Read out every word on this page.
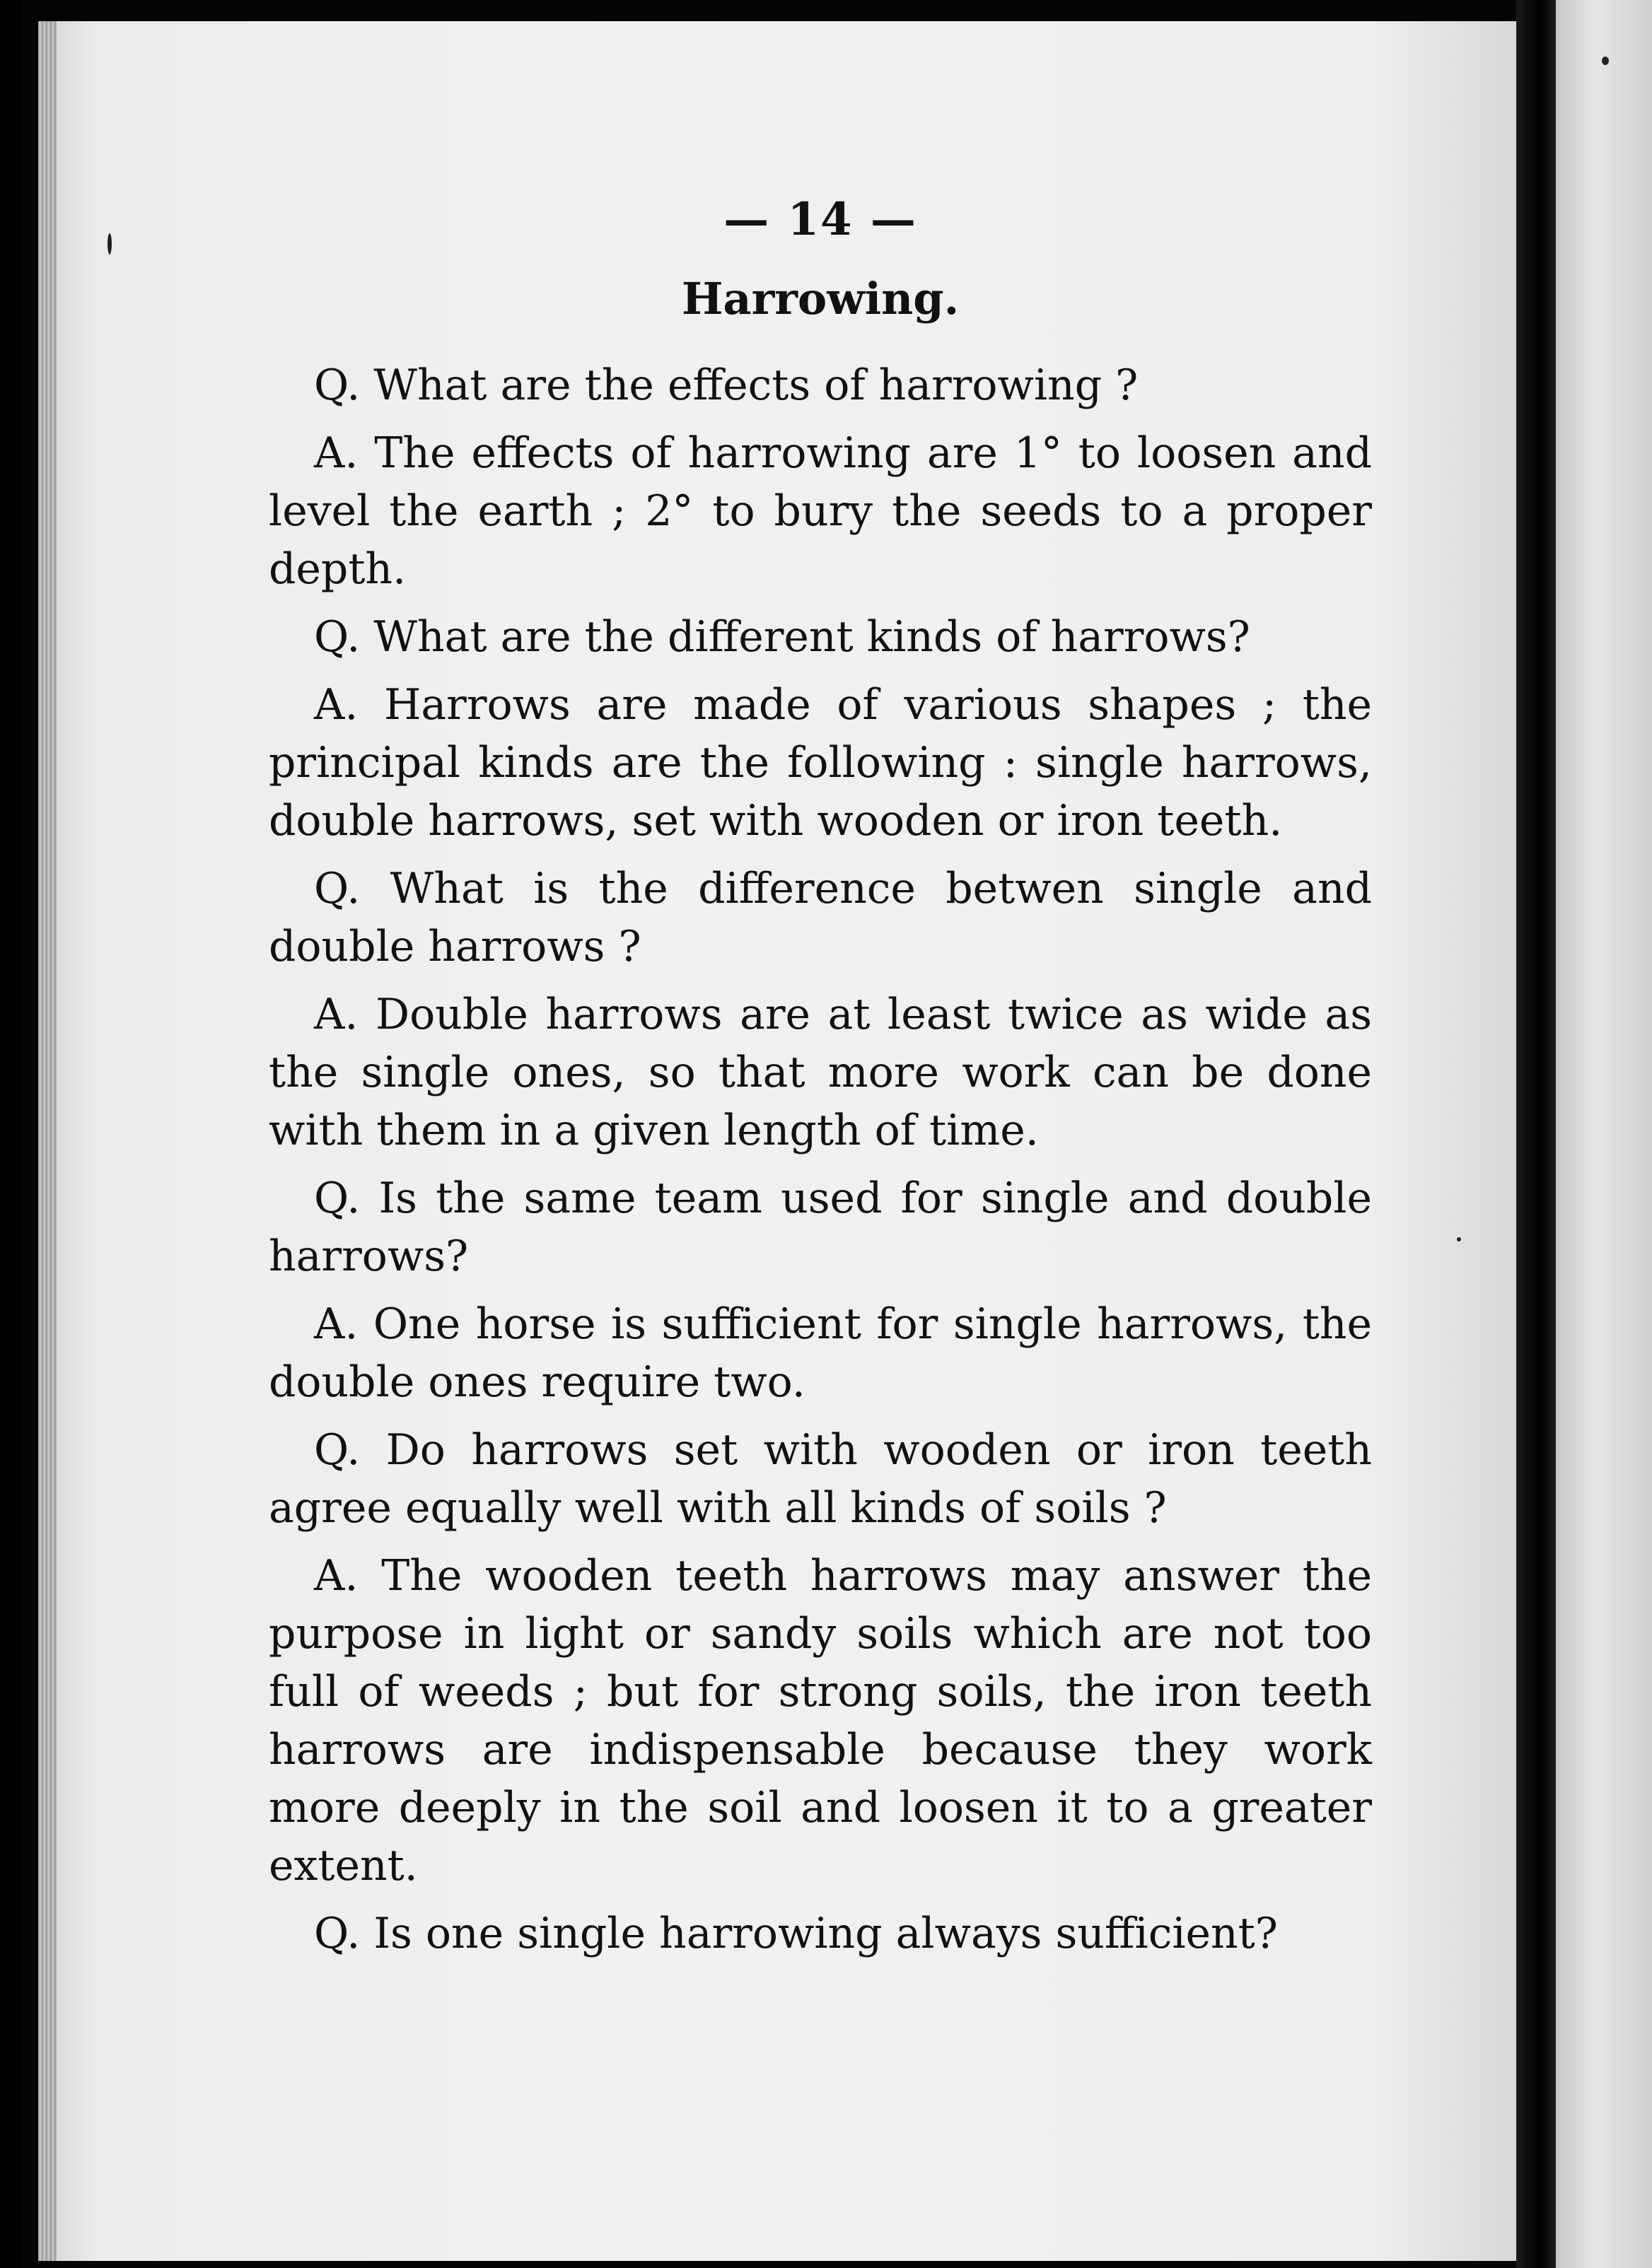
— 14 —
Harrowing.

Q. What are the effects of harrowing ?

A. The effects of harrowing are 1° to loosen and level the earth ; 2° to bury the seeds to a proper depth.

Q. What are the different kinds of harrows?

A. Harrows are made of various shapes ; the principal kinds are the following : single harrows, double harrows, set with wooden or iron teeth.

Q. What is the difference betwen single and double harrows ?

A. Double harrows are at least twice as wide as the single ones, so that more work can be done with them in a given length of time.

Q. Is the same team used for single and double harrows?

A. One horse is sufficient for single harrows, the double ones require two.

Q. Do harrows set with wooden or iron teeth agree equally well with all kinds of soils ?

A. The wooden teeth harrows may answer the purpose in light or sandy soils which are not too full of weeds ; but for strong soils, the iron teeth harrows are indispensable because they work more deeply in the soil and loosen it to a greater extent.

Q. Is one single harrowing always sufficient?
